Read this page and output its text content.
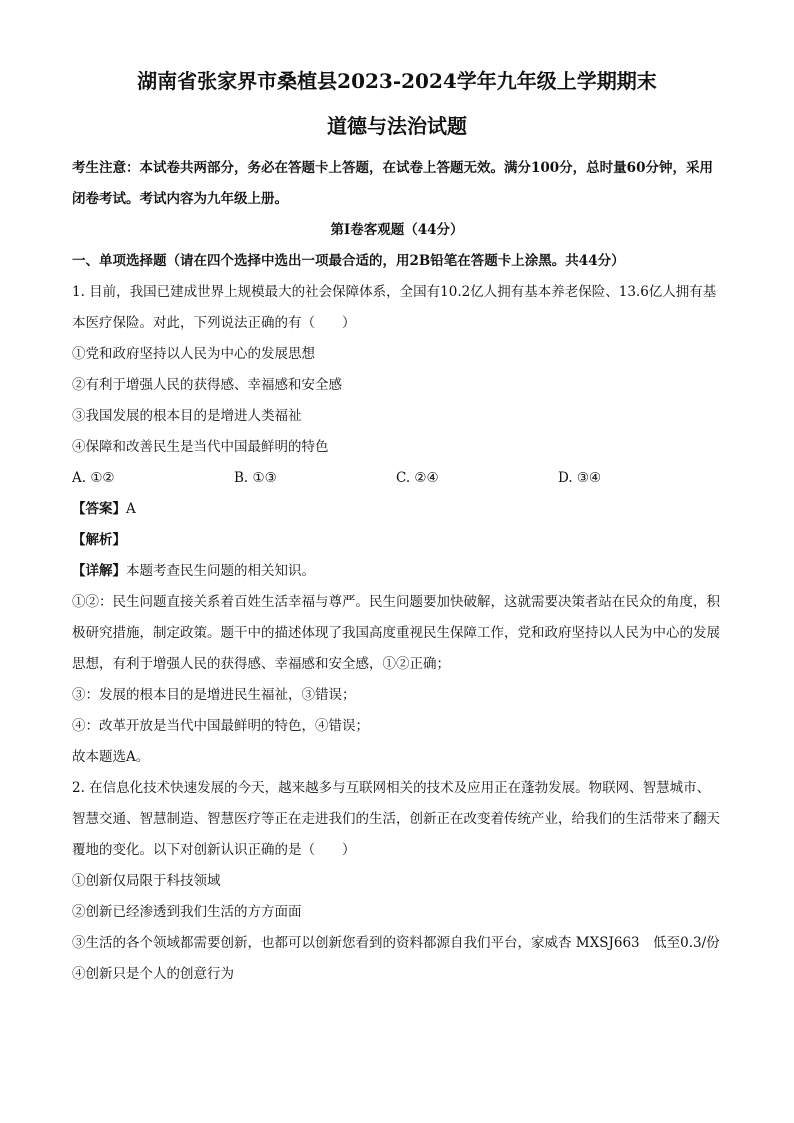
湖南省张家界市桑植县2023-2024学年九年级上学期期末

道德与法治试题

考生注意：本试卷共两部分，务必在答题卡上答题，在试卷上答题无效。满分100分，总时量60分钟，采用闭卷考试。考试内容为九年级上册。

第Ⅰ卷客观题（44分）

一、单项选择题（请在四个选择中选出一项最合适的，用2B铅笔在答题卡上涂黑。共44分）

1. 目前，我国已建成世界上规模最大的社会保障体系，全国有10.2亿人拥有基本养老保险、13.6亿人拥有基本医疗保险。对此，下列说法正确的有（　　）

①党和政府坚持以人民为中心的发展思想

②有利于增强人民的获得感、幸福感和安全感

③我国发展的根本目的是增进人类福祉

④保障和改善民生是当代中国最鲜明的特色

A. ①②	B. ①③	C. ②④	D. ③④

【答案】A

【解析】

【详解】本题考查民生问题的相关知识。

①②：民生问题直接关系着百姓生活幸福与尊严。民生问题要加快破解，这就需要决策者站在民众的角度，积极研究措施，制定政策。题干中的描述体现了我国高度重视民生保障工作，党和政府坚持以人民为中心的发展思想，有利于增强人民的获得感、幸福感和安全感，①②正确；

③：发展的根本目的是增进民生福祉，③错误；

④：改革开放是当代中国最鲜明的特色，④错误；

故本题选A。

2. 在信息化技术快速发展的今天，越来越多与互联网相关的技术及应用正在蓬勃发展。物联网、智慧城市、智慧交通、智慧制造、智慧医疗等正在走进我们的生活，创新正在改变着传统产业，给我们的生活带来了翻天覆地的变化。以下对创新认识正确的是（　　）

①创新仅局限于科技领域

②创新已经渗透到我们生活的方方面面

③生活的各个领域都需要创新，也都可以创新您看到的资料都源自我们平台，家威杏 MXSJ663　低至0.3/份④创新只是个人的创意行为
